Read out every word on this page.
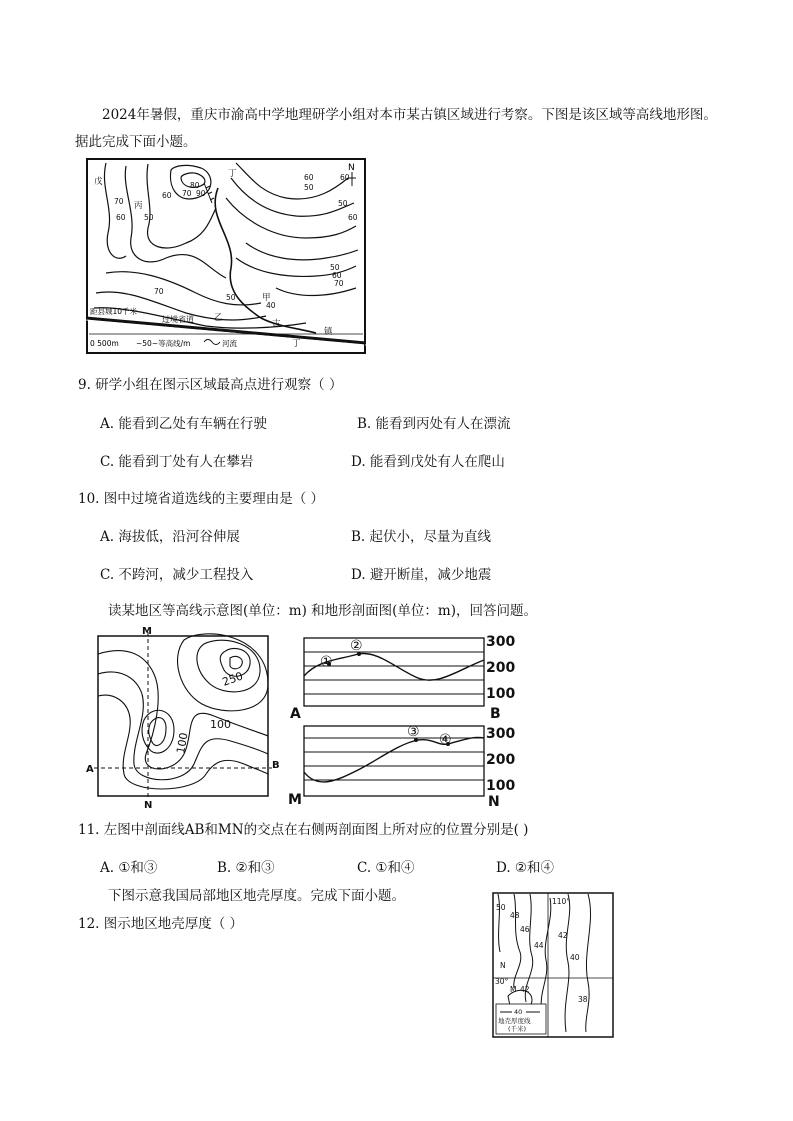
2024年暑假，重庆市渝高中学地理研学小组对本市某古镇区域进行考察。下图是该区域等高线地形图。据此完成下面小题。
N
戊
丙
丁
乙
甲
古
镇
丁
70
60
60
50
80
70 90
60
50
60
50
60
70
50
60
70
50
40
过境省道
距县城10千米
0 500m ~50~等高线/m	河流
9. 研学小组在图示区域最高点进行观察（ ）
A. 能看到乙处有车辆在行驶	B. 能看到丙处有人在漂流
C. 能看到丁处有人在攀岩	D. 能看到戊处有人在爬山
10. 图中过境省道选线的主要理由是（ ）
A. 海拔低，沿河谷伸展	B. 起伏小，尽量为直线
C. 不跨河，减少工程投入	D. 避开断崖，减少地震
读某地区等高线示意图(单位：m) 和地形剖面图(单位：m)，回答问题。
M
N
A	B
250
100
100
300
200
100
A	B
①
②
300
200
100
M	N
③ ④
11. 左图中剖面线AB和MN的交点在右侧两剖面图上所对应的位置分别是( )
A. ①和③	B. ②和③	C. ①和④	D. ②和④
下图示意我国局部地区地壳厚度。完成下面小题。
12. 图示地区地壳厚度（ ）
110°
30°
50
48
46
44
42
40
42
38
N
M
40
地壳厚度线
(千米)
